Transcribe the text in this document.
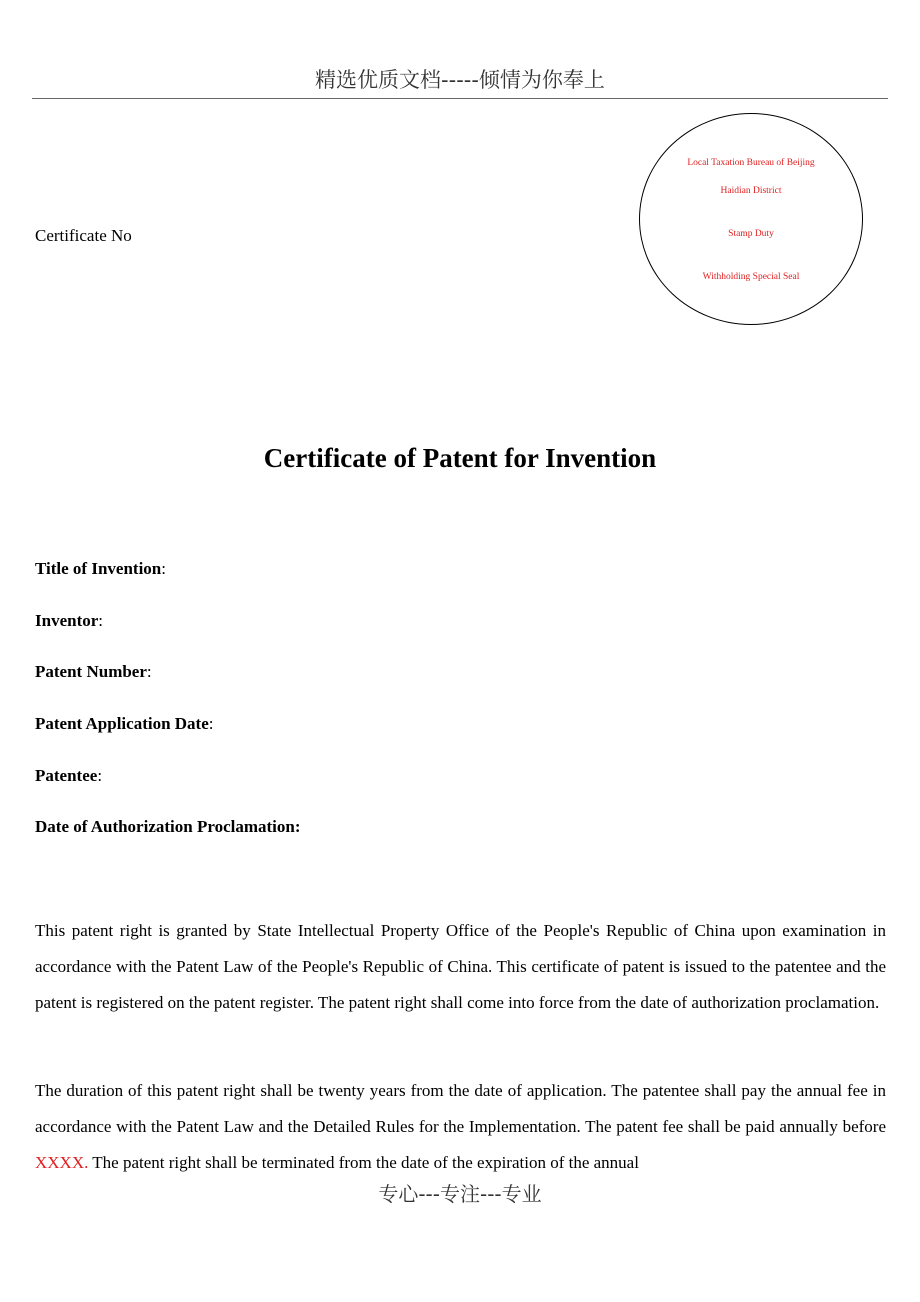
精选优质文档-----倾情为你奉上
Certificate No
Local Taxation Bureau of Beijing
Haidian District
Stamp Duty
Withholding Special Seal
Certificate of Patent for Invention
Title of Invention:
Inventor:
Patent Number:
Patent Application Date:
Patentee:
Date of Authorization Proclamation:

This patent right is granted by State Intellectual Property Office of the People's Republic of China upon examination in accordance with the Patent Law of the People's Republic of China. This certificate of patent is issued to the patentee and the patent is registered on the patent register. The patent right shall come into force from the date of authorization proclamation.

The duration of this patent right shall be twenty years from the date of application. The patentee shall pay the annual fee in accordance with the Patent Law and the Detailed Rules for the Implementation. The patent fee shall be paid annually before XXXX. The patent right shall be terminated from the date of the expiration of the annual

专心---专注---专业
